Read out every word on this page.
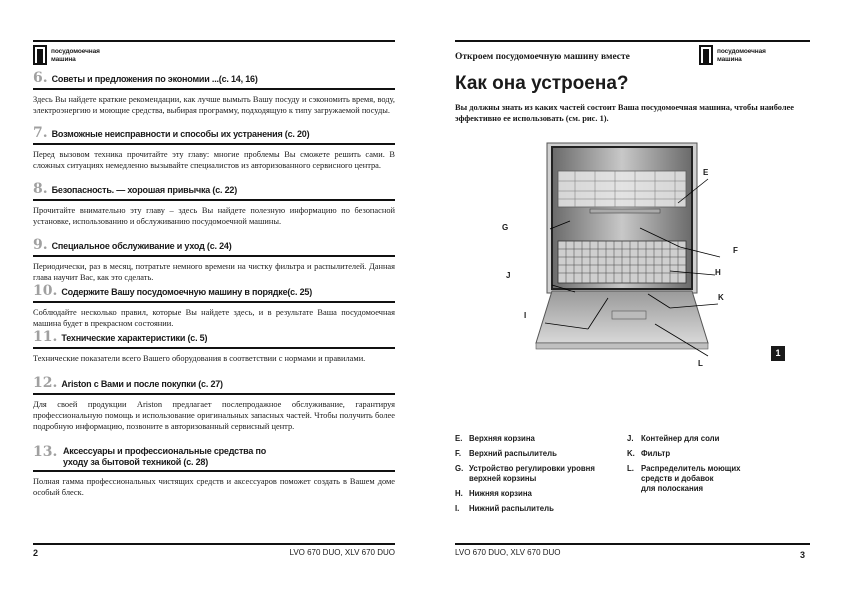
посудомоечная
машина
6. Советы и предложения по экономии ...(с. 14, 16)
Здесь Вы найдете краткие рекомендации, как лучше вымыть Вашу посуду и сэкономить время, воду, электроэнергию и моющие средства, выбирая программу, подходящую к типу загружаемой посуды.
7. Возможные неисправности и способы их устранения (с. 20)
Перед вызовом техника прочитайте эту главу: многие проблемы Вы сможете решить сами. В сложных ситуациях немедленно вызывайте специалистов из авторизованного сервисного центра.
8. Безопасность. — хорошая привычка (с. 22)
Прочитайте внимательно эту главу – здесь Вы найдете полезную информацию по безопасной установке, использованию и обслуживанию посудомоечной машины.
9. Специальное обслуживание и уход (с. 24)
Периодически, раз в месяц, потратьте немного времени на чистку фильтра и распылителей. Данная глава научит Вас, как это сделать.
10. Содержите Вашу посудомоечную машину в порядке(с. 25)
Соблюдайте несколько правил, которые Вы найдете здесь, и в результате Ваша посудомоечная машина будет в прекрасном состоянии.
11. Технические характеристики (с. 5)
Технические показатели всего Вашего оборудования в соответствии с нормами и правилами.
12. Ariston с Вами и после покупки (с. 27)
Для своей продукции Ariston предлагает послепродажное обслуживание, гарантируя профессиональную помощь и использование оригинальных запасных частей. Чтобы получить более подробную информацию, позвоните в авторизованный сервисный центр.
13. Аксессуары и профессиональные средства по уходу за бытовой техникой (с. 28)
Полная гамма профессиональных чистящих средств и аксессуаров поможет создать в Вашем доме особый блеск.
2	LVO 670 DUO, XLV 670 DUO
Откроем посудомоечную машину вместе
посудомоечная
машина
Как она устроена?
Вы должны знать из каких частей состоит Ваша посудомоечная машина, чтобы наиболее эффективно ее использовать (см. рис. 1).
E
F
G
H
J
K
I
L
1
E. Верхняя корзина
F.	Верхний распылитель
G. Устройство регулировки уровня
верхней корзины
H. Нижняя корзина
I.	Нижний распылитель
J. Контейнер для соли
K. Фильтр
L. Распределитель моющих
средств и добавок
для полоскания
LVO 670 DUO, XLV 670 DUO	3
